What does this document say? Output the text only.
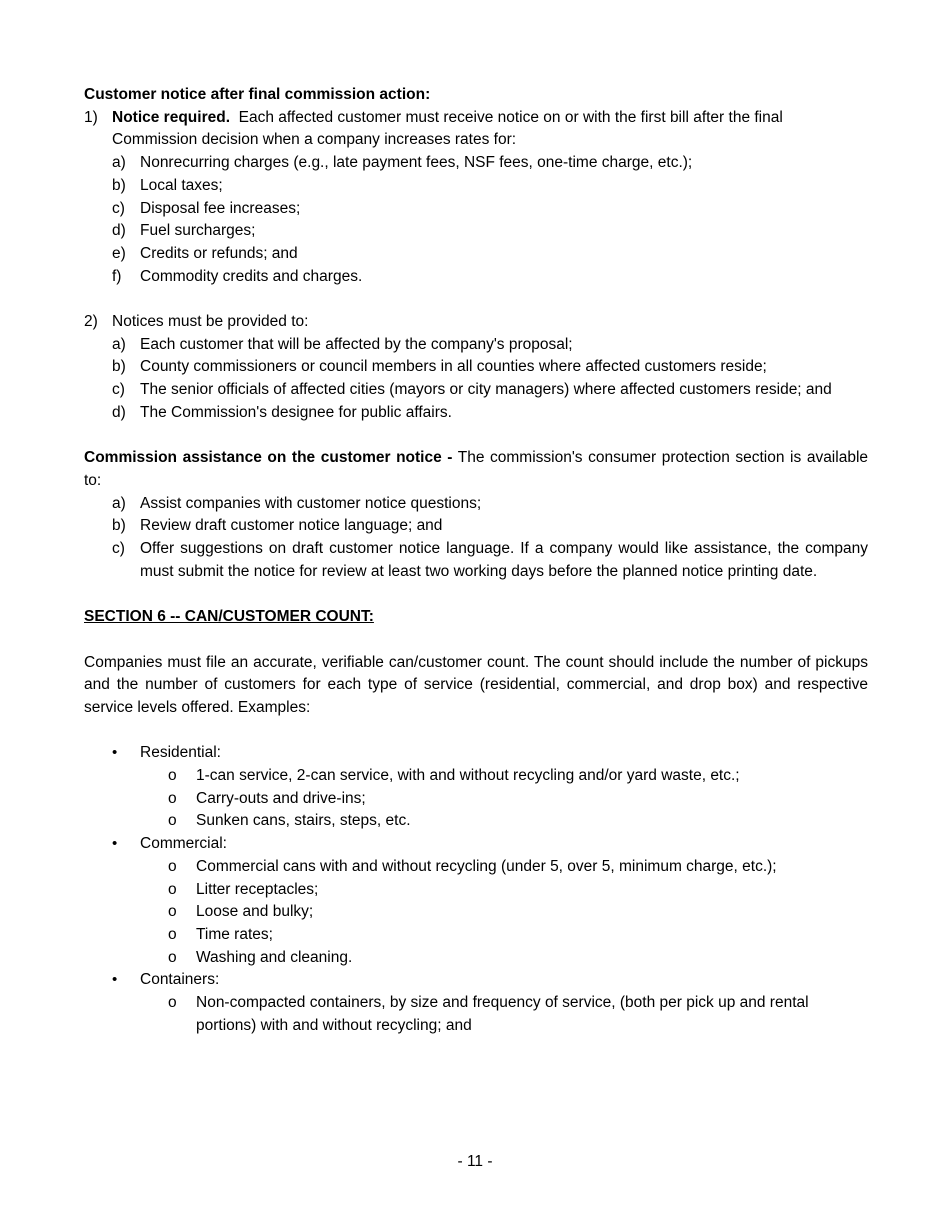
Customer notice after final commission action:

1) Notice required.  Each affected customer must receive notice on or with the first bill after the final Commission decision when a company increases rates for:
a) Nonrecurring charges (e.g., late payment fees, NSF fees, one-time charge, etc.);
b) Local taxes;
c) Disposal fee increases;
d) Fuel surcharges;
e) Credits or refunds; and
f)	Commodity credits and charges.
2) Notices must be provided to:
a) Each customer that will be affected by the company's proposal;
b) County commissioners or council members in all counties where affected customers reside;
c) The senior officials of affected cities (mayors or city managers) where affected customers reside; and
d) The Commission's designee for public affairs.

Commission assistance on the customer notice - The commission's consumer protection section is available to:

a) Assist companies with customer notice questions;
b) Review draft customer notice language; and
c) Offer suggestions on draft customer notice language. If a company would like assistance, the company must submit the notice for review at least two working days before the planned notice printing date.

SECTION 6 -- CAN/CUSTOMER COUNT:

Companies must file an accurate, verifiable can/customer count. The count should include the number of pickups and the number of customers for each type of service (residential, commercial, and drop box) and respective service levels offered. Examples:

•	Residential:
o	1-can service, 2-can service, with and without recycling and/or yard waste, etc.;
o	Carry-outs and drive-ins;
o	Sunken cans, stairs, steps, etc.
•	Commercial:
o	Commercial cans with and without recycling (under 5, over 5, minimum charge, etc.);
o	Litter receptacles;
o	Loose and bulky;
o	Time rates;
o	Washing and cleaning.
•	Containers:
o	Non-compacted containers, by size and frequency of service, (both per pick up and rental portions) with and without recycling; and
- 11 -
